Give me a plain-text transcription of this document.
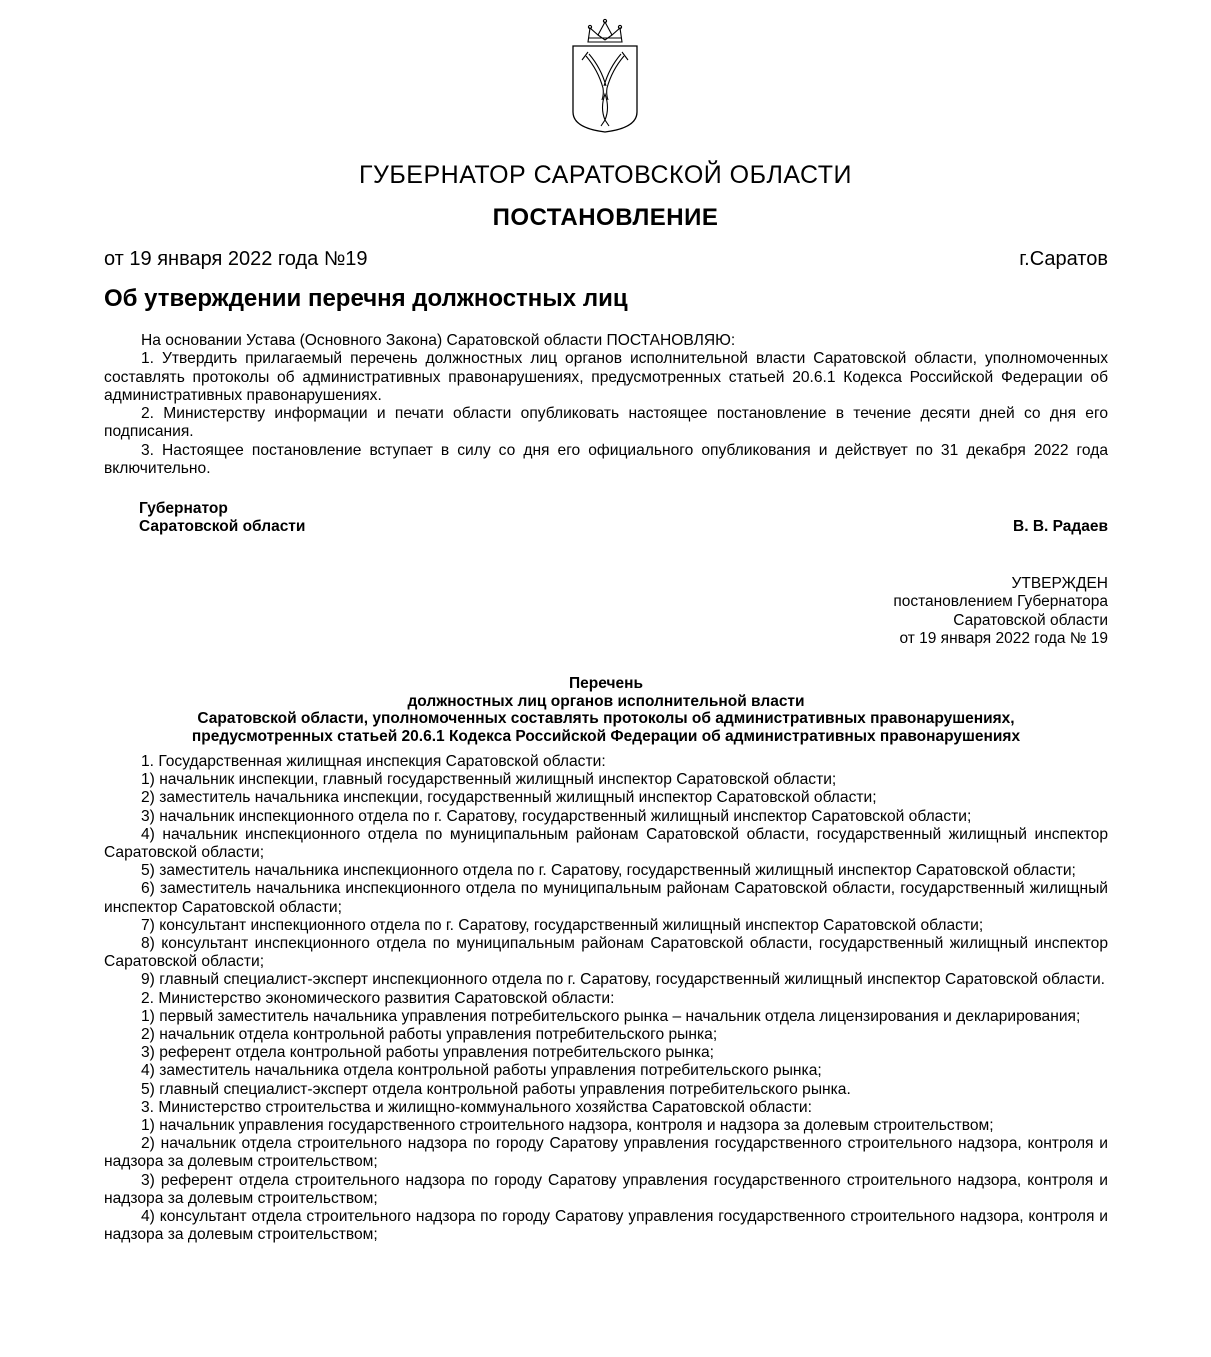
ГУБЕРНАТОР САРАТОВСКОЙ ОБЛАСТИ
ПОСТАНОВЛЕНИЕ
от 19 января 2022 года №19	г.Саратов
Об утверждении перечня должностных лиц

На основании Устава (Основного Закона) Саратовской области ПОСТАНОВЛЯЮ:

1. Утвердить прилагаемый перечень должностных лиц органов исполнительной власти Саратовской области, уполномоченных составлять протоколы об административных правонарушениях, предусмотренных статьей 20.6.1 Кодекса Российской Федерации об административных правонарушениях.

2. Министерству информации и печати области опубликовать настоящее постановление в течение десяти дней со дня его подписания.

3. Настоящее постановление вступает в силу со дня его официального опубликования и действует по 31 декабря 2022 года включительно.

Губернатор
Саратовской области	В. В. Радаев
УТВЕРЖДЕН
постановлением Губернатора
Саратовской области
от 19 января 2022 года № 19
Перечень
должностных лиц органов исполнительной власти
Саратовской области, уполномоченных составлять протоколы об административных правонарушениях,
предусмотренных статьей 20.6.1 Кодекса Российской Федерации об административных правонарушениях

1. Государственная жилищная инспекция Саратовской области:

1) начальник инспекции, главный государственный жилищный инспектор Саратовской области;

2) заместитель начальника инспекции, государственный жилищный инспектор Саратовской области;

3) начальник инспекционного отдела по г. Саратову, государственный жилищный инспектор Саратовской области;

4) начальник инспекционного отдела по муниципальным районам Саратовской области, государственный жилищный инспектор Саратовской области;

5) заместитель начальника инспекционного отдела по г. Саратову, государственный жилищный инспектор Саратовской области;

6) заместитель начальника инспекционного отдела по муниципальным районам Саратовской области, государственный жилищный инспектор Саратовской области;

7) консультант инспекционного отдела по г. Саратову, государственный жилищный инспектор Саратовской области;

8) консультант инспекционного отдела по муниципальным районам Саратовской области, государственный жилищный инспектор Саратовской области;

9) главный специалист-эксперт инспекционного отдела по г. Саратову, государственный жилищный инспектор Саратовской области.

2. Министерство экономического развития Саратовской области:

1) первый заместитель начальника управления потребительского рынка – начальник отдела лицензирования и декларирования;

2) начальник отдела контрольной работы управления потребительского рынка;

3) референт отдела контрольной работы управления потребительского рынка;

4) заместитель начальника отдела контрольной работы управления потребительского рынка;

5) главный специалист-эксперт отдела контрольной работы управления потребительского рынка.

3. Министерство строительства и жилищно-коммунального хозяйства Саратовской области:

1) начальник управления государственного строительного надзора, контроля и надзора за долевым строительством;

2) начальник отдела строительного надзора по городу Саратову управления государственного строительного надзора, контроля и надзора за долевым строительством;

3) референт отдела строительного надзора по городу Саратову управления государственного строительного надзора, контроля и надзора за долевым строительством;

4) консультант отдела строительного надзора по городу Саратову управления государственного строительного надзора, контроля и надзора за долевым строительством;
